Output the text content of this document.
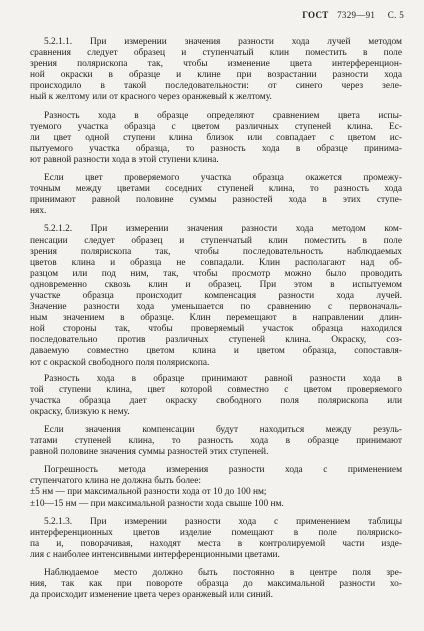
ГОСТ 7329—91 С. 5
5.2.1.1. При измерении значения разности хода лучей методом
сравнения следует образец и ступенчатый клин поместить в поле
зрения полярископа так, чтобы изменение цвета интерференцион-
ной окраски в образце и клине при возрастании разности хода
происходило в такой последовательности: от синего через зеле-
ный к желтому или от красного через оранжевый к желтому.
Разность хода в образце определяют сравнением цвета испы-
туемого участка образца с цветом различных ступеней клина. Ес-
ли цвет одной ступени клина близок или совпадает с цветом ис-
пытуемого участка образца, то разность хода в образце принима-
ют равной разности хода в этой ступени клина.
Если цвет проверяемого участка образца окажется промежу-
точным между цветами соседних ступеней клина, то разность хода
принимают равной половине суммы разностей хода в этих ступе-
нях.
5.2.1.2. При измерении значения разности хода методом ком-
пенсации следует образец и ступенчатый клин поместить в поле
зрения полярископа так, чтобы последовательность наблюдаемых
цветов клина и образца не совпадали. Клин располагают над об-
разцом или под ним, так, чтобы просмотр можно было проводить
одновременно сквозь клин и образец. При этом в испытуемом
участке образца происходит компенсация разности хода лучей.
Значение разности хода уменьшается по сравнению с первоначаль-
ным значением в образце. Клин перемещают в направлении длин-
ной стороны так, чтобы проверяемый участок образца находился
последовательно против различных ступеней клина. Окраску, соз-
даваемую совместно цветом клина и цветом образца, сопоставля-
ют с окраской свободного поля полярископа.
Разность хода в образце принимают равной разности хода в
той ступени клина, цвет которой совместно с цветом проверяемого
участка образца дает окраску свободного поля полярископа или
окраску, близкую к нему.
Если значения компенсации будут находиться между резуль-
татами ступеней клина, то разность хода в образце принимают
равной половине значения суммы разностей этих ступеней.
Погрешность метода измерения разности хода с применением
ступенчатого клина не должна быть более:
±5 нм — при максимальной разности хода от 10 до 100 нм;
±10—15 нм — при максимальной разности хода свыше 100 нм.
5.2.1.3. При измерении разности хода с применением таблицы
интерференционных цветов изделие помещают в поле полярисκо-
па и, поворачивая, находят места в контролируемой части изде-
лия с наиболее интенсивными интерференционными цветами.
Наблюдаемое место должно быть постоянно в центре поля зре-
ния, так как при повороте образца до максимальной разности хо-
да происходит изменение цвета через оранжевый или синий.
